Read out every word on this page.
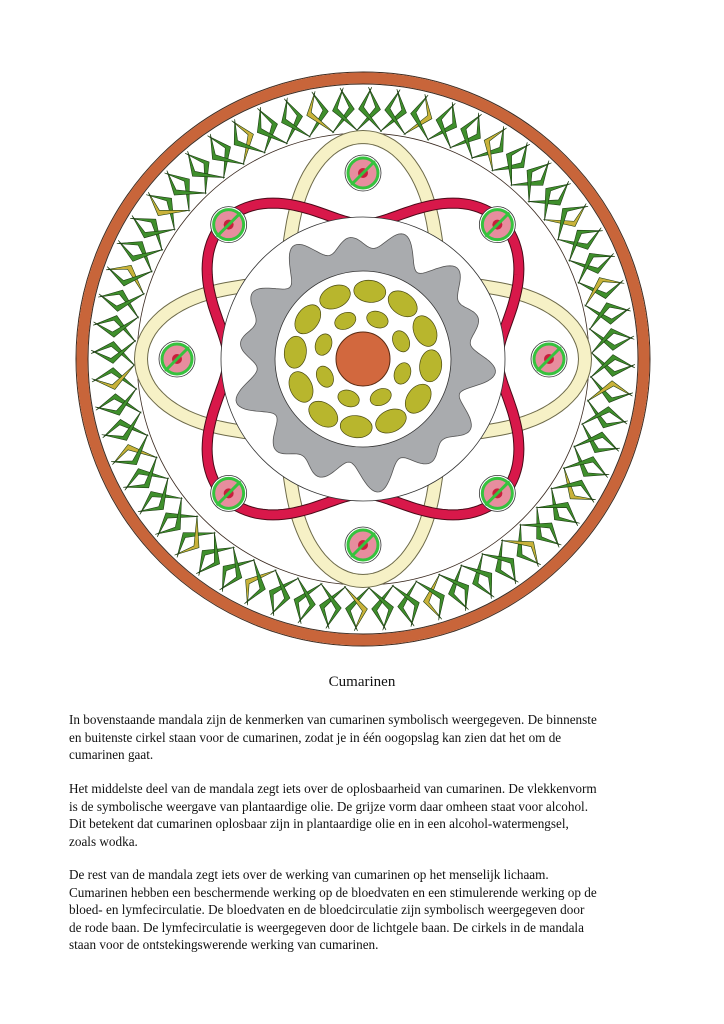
Cumarinen

In bovenstaande mandala zijn de kenmerken van cumarinen symbolisch weergegeven. De binnenste
en buitenste cirkel staan voor de cumarinen, zodat je in één oogopslag kan zien dat het om de
cumarinen gaat.

Het middelste deel van de mandala zegt iets over de oplosbaarheid van cumarinen. De vlekkenvorm
is de symbolische weergave van plantaardige olie. De grijze vorm daar omheen staat voor alcohol.
Dit betekent dat cumarinen oplosbaar zijn in plantaardige olie en in een alcohol-watermengsel,
zoals wodka.

De rest van de mandala zegt iets over de werking van cumarinen op het menselijk lichaam.
Cumarinen hebben een beschermende werking op de bloedvaten en een stimulerende werking op de
bloed- en lymfecirculatie. De bloedvaten en de bloedcirculatie zijn symbolisch weergegeven door
de rode baan. De lymfecirculatie is weergegeven door de lichtgele baan. De cirkels in de mandala
staan voor de ontstekingswerende werking van cumarinen.
